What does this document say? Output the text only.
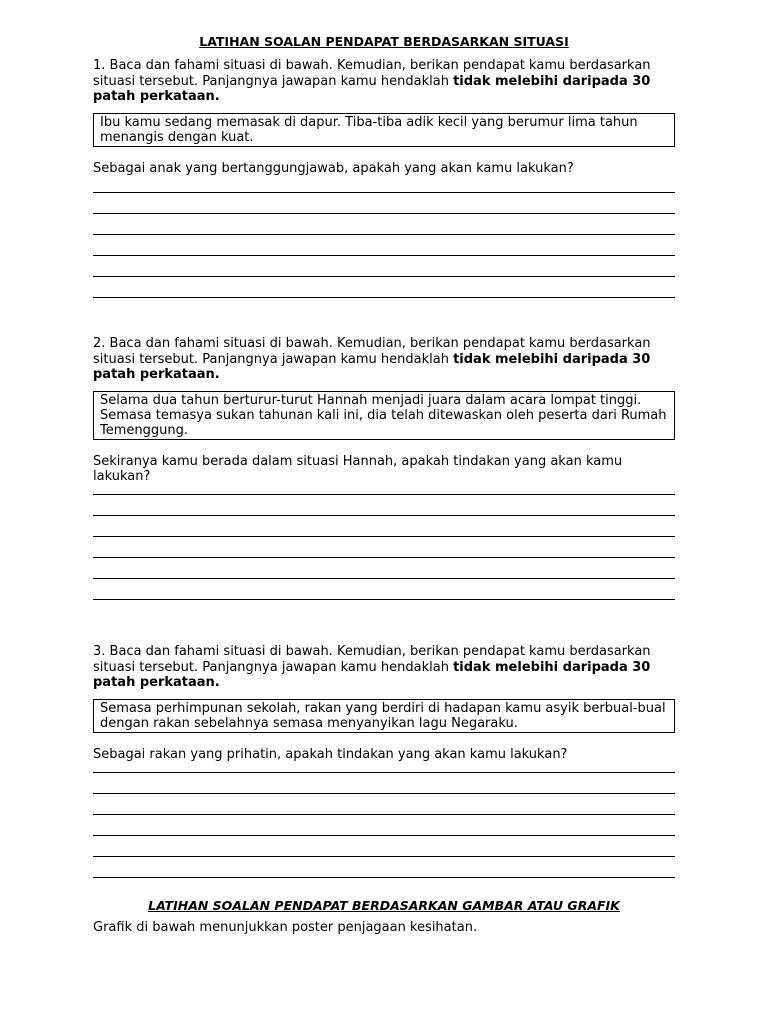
LATIHAN SOALAN PENDAPAT BERDASARKAN SITUASI

1. Baca dan fahami situasi di bawah. Kemudian, berikan pendapat kamu berdasarkan situasi tersebut. Panjangnya jawapan kamu hendaklah tidak melebihi daripada 30 patah perkataan.

Ibu kamu sedang memasak di dapur. Tiba-tiba adik kecil yang berumur lima tahun menangis dengan kuat.

Sebagai anak yang bertanggungjawab, apakah yang akan kamu lakukan?

2. Baca dan fahami situasi di bawah. Kemudian, berikan pendapat kamu berdasarkan situasi tersebut. Panjangnya jawapan kamu hendaklah tidak melebihi daripada 30 patah perkataan.

Selama dua tahun berturur-turut Hannah menjadi juara dalam acara lompat tinggi. Semasa temasya sukan tahunan kali ini, dia telah ditewaskan oleh peserta dari Rumah Temenggung.

Sekiranya kamu berada dalam situasi Hannah, apakah tindakan yang akan kamu lakukan?

3. Baca dan fahami situasi di bawah. Kemudian, berikan pendapat kamu berdasarkan situasi tersebut. Panjangnya jawapan kamu hendaklah tidak melebihi daripada 30 patah perkataan.

Semasa perhimpunan sekolah, rakan yang berdiri di hadapan kamu asyik berbual-bual dengan rakan sebelahnya semasa menyanyikan lagu Negaraku.

Sebagai rakan yang prihatin, apakah tindakan yang akan kamu lakukan?

LATIHAN SOALAN PENDAPAT BERDASARKAN GAMBAR ATAU GRAFIK
Grafik di bawah menunjukkan poster penjagaan kesihatan.
